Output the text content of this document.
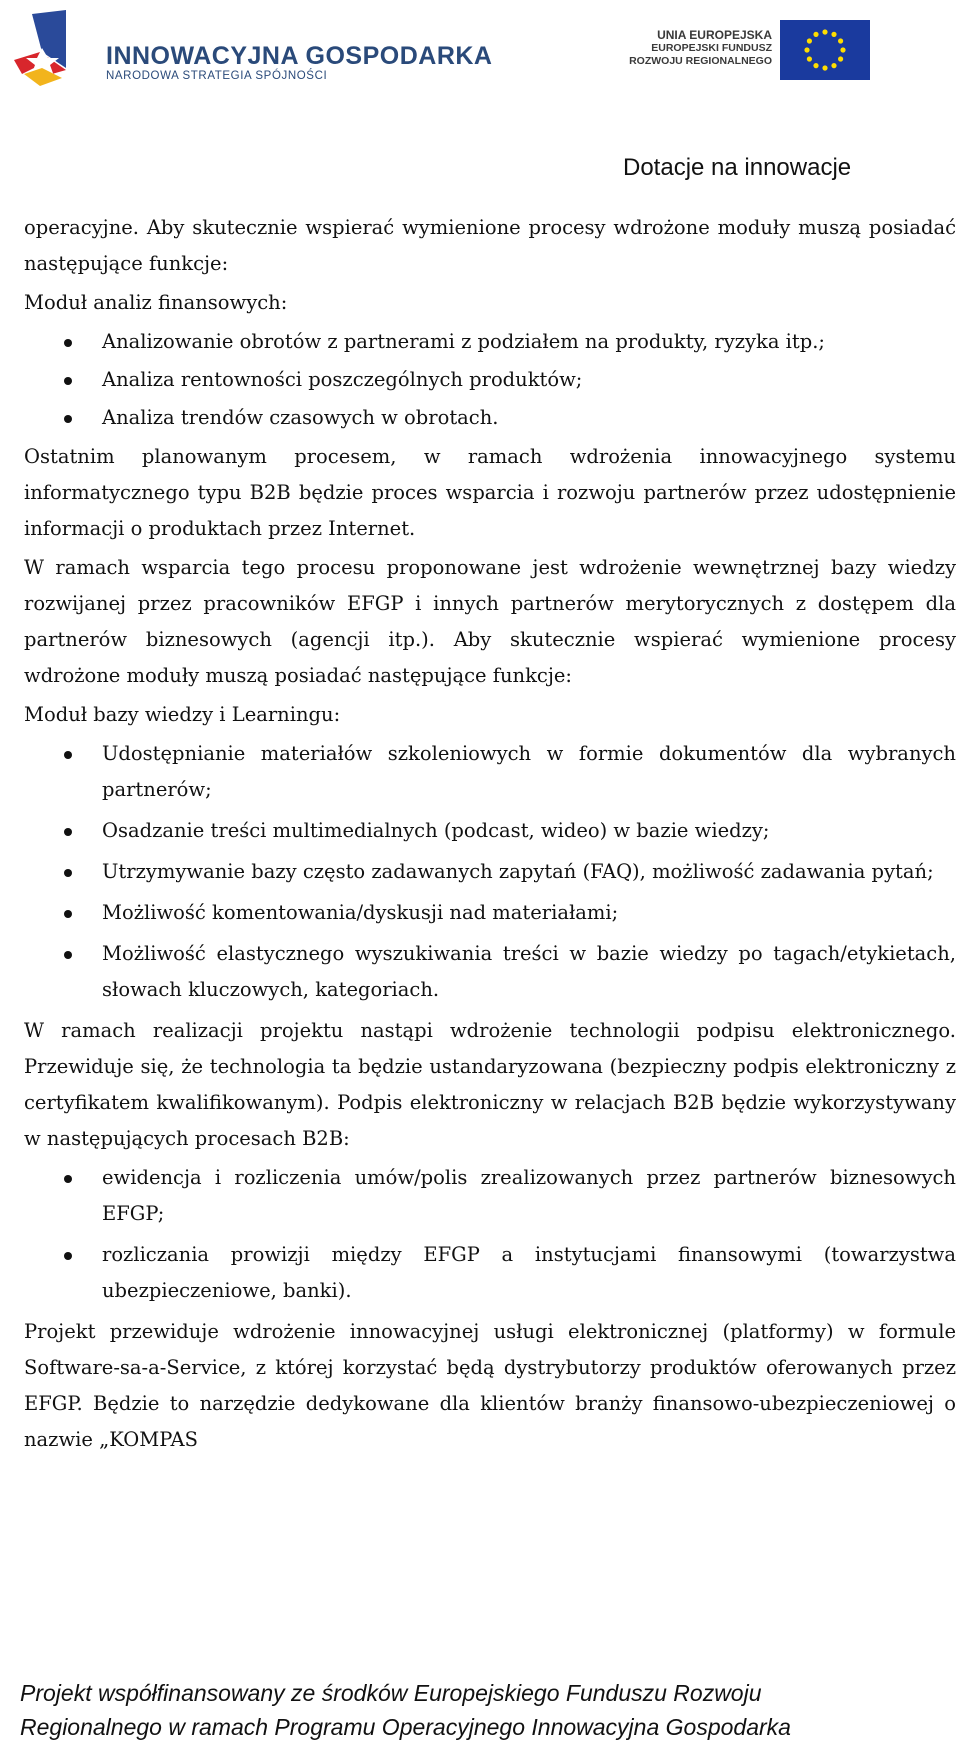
INNOWACYJNA GOSPODARKA
NARODOWA STRATEGIA SPÓJNOŚCI
UNIA EUROPEJSKA
EUROPEJSKI FUNDUSZ
ROZWOJU REGIONALNEGO
Dotacje na innowacje

operacyjne. Aby skutecznie wspierać wymienione procesy wdrożone moduły muszą posiadać następujące funkcje:

Moduł analiz finansowych:

Analizowanie obrotów z partnerami z podziałem na produkty, ryzyka itp.;
Analiza rentowności poszczególnych produktów;
Analiza trendów czasowych w obrotach.

Ostatnim planowanym procesem, w ramach wdrożenia innowacyjnego systemu informatycznego typu B2B będzie proces wsparcia i rozwoju partnerów przez udostępnienie informacji o produktach przez Internet.

W ramach wsparcia tego procesu proponowane jest wdrożenie wewnętrznej bazy wiedzy rozwijanej przez pracowników EFGP i innych partnerów merytorycznych z dostępem dla partnerów biznesowych (agencji itp.). Aby skutecznie wspierać wymienione procesy wdrożone moduły muszą posiadać następujące funkcje:

Moduł bazy wiedzy i Learningu:

Udostępnianie materiałów szkoleniowych w formie dokumentów dla wybranych partnerów;
Osadzanie treści multimedialnych (podcast, wideo) w bazie wiedzy;
Utrzymywanie bazy często zadawanych zapytań (FAQ), możliwość zadawania pytań;
Możliwość komentowania/dyskusji nad materiałami;
Możliwość elastycznego wyszukiwania treści w bazie wiedzy po tagach/etykietach, słowach kluczowych, kategoriach.

W ramach realizacji projektu nastąpi wdrożenie technologii podpisu elektronicznego. Przewiduje się, że technologia ta będzie ustandaryzowana (bezpieczny podpis elektroniczny z certyfikatem kwalifikowanym). Podpis elektroniczny w relacjach B2B będzie wykorzystywany w następujących procesach B2B:

ewidencja i rozliczenia umów/polis zrealizowanych przez partnerów biznesowych EFGP;
rozliczania prowizji między EFGP a instytucjami finansowymi (towarzystwa ubezpieczeniowe, banki).

Projekt przewiduje wdrożenie innowacyjnej usługi elektronicznej (platformy) w formule Software-sa-a-Service, z której korzystać będą dystrybutorzy produktów oferowanych przez EFGP. Będzie to narzędzie dedykowane dla klientów branży finansowo-ubezpieczeniowej o nazwie „KOMPAS

Projekt współfinansowany ze środków Europejskiego Funduszu Rozwoju
Regionalnego w ramach Programu Operacyjnego Innowacyjna Gospodarka
